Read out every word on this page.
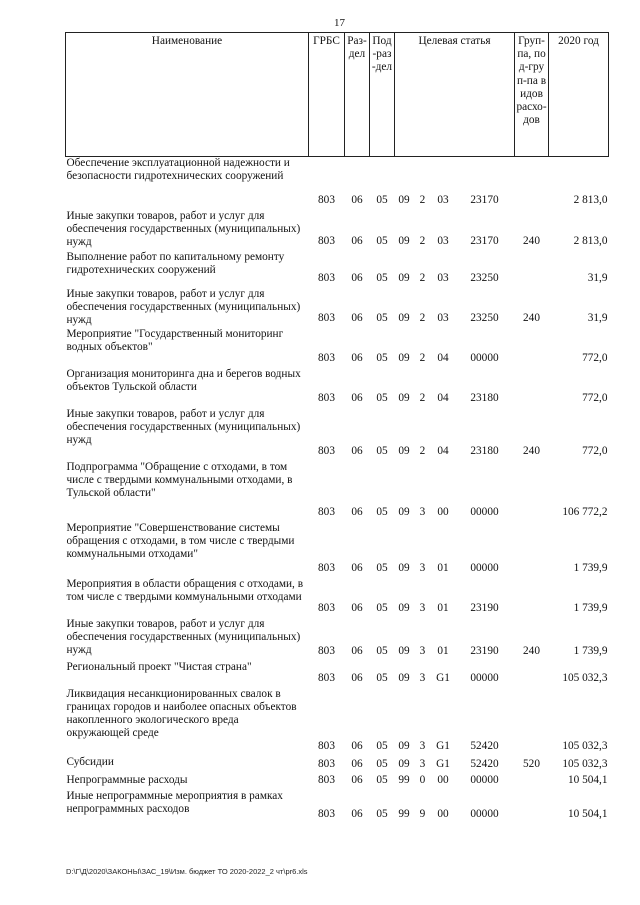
17
Наименование	ГРБС	Раз-дел	Под-раз-дел	Целевая статья				Груп-па, под-груп-па видов расхо-дов	2020 год
Обеспечение эксплуатационной надежности и безопасности гидротехнических сооружений	803	06	05	09	2	03	23170		2 813,0
Иные закупки товаров, работ и услуг для обеспечения государственных (муниципальных) нужд	803	06	05	09	2	03	23170	240	2 813,0
Выполнение работ по капитальному ремонту гидротехнических сооружений	803	06	05	09	2	03	23250		31,9
Иные закупки товаров, работ и услуг для обеспечения государственных (муниципальных) нужд	803	06	05	09	2	03	23250	240	31,9
Мероприятие "Государственный мониторинг водных объектов"	803	06	05	09	2	04	00000		772,0
Организация мониторинга дна и берегов водных объектов Тульской области	803	06	05	09	2	04	23180		772,0
Иные закупки товаров, работ и услуг для обеспечения государственных (муниципальных) нужд	803	06	05	09	2	04	23180	240	772,0
Подпрограмма "Обращение с отходами, в том числе с твердыми коммунальными отходами, в Тульской области"	803	06	05	09	3	00	00000		106 772,2
Мероприятие "Совершенствование системы обращения с отходами, в том числе с твердыми коммунальными отходами"	803	06	05	09	3	01	00000		1 739,9
Мероприятия в области обращения с отходами, в том числе с твердыми коммунальными отходами	803	06	05	09	3	01	23190		1 739,9
Иные закупки товаров, работ и услуг для обеспечения государственных (муниципальных) нужд	803	06	05	09	3	01	23190	240	1 739,9
Региональный проект "Чистая страна"	803	06	05	09	3	G1	00000		105 032,3
Ликвидация несанкционированных свалок в границах городов и наиболее опасных объектов накопленного экологического вреда окружающей среде	803	06	05	09	3	G1	52420		105 032,3
Субсидии	803	06	05	09	3	G1	52420	520	105 032,3
Непрограммные расходы	803	06	05	99	0	00	00000		10 504,1
Иные непрограммные мероприятия в рамках непрограммных расходов	803	06	05	99	9	00	00000		10 504,1
D:\Г\Д\2020\ЗАКОНЫ\ЗАС_19\Изм. бюджет ТО 2020-2022_2 чт\pr6.xls
